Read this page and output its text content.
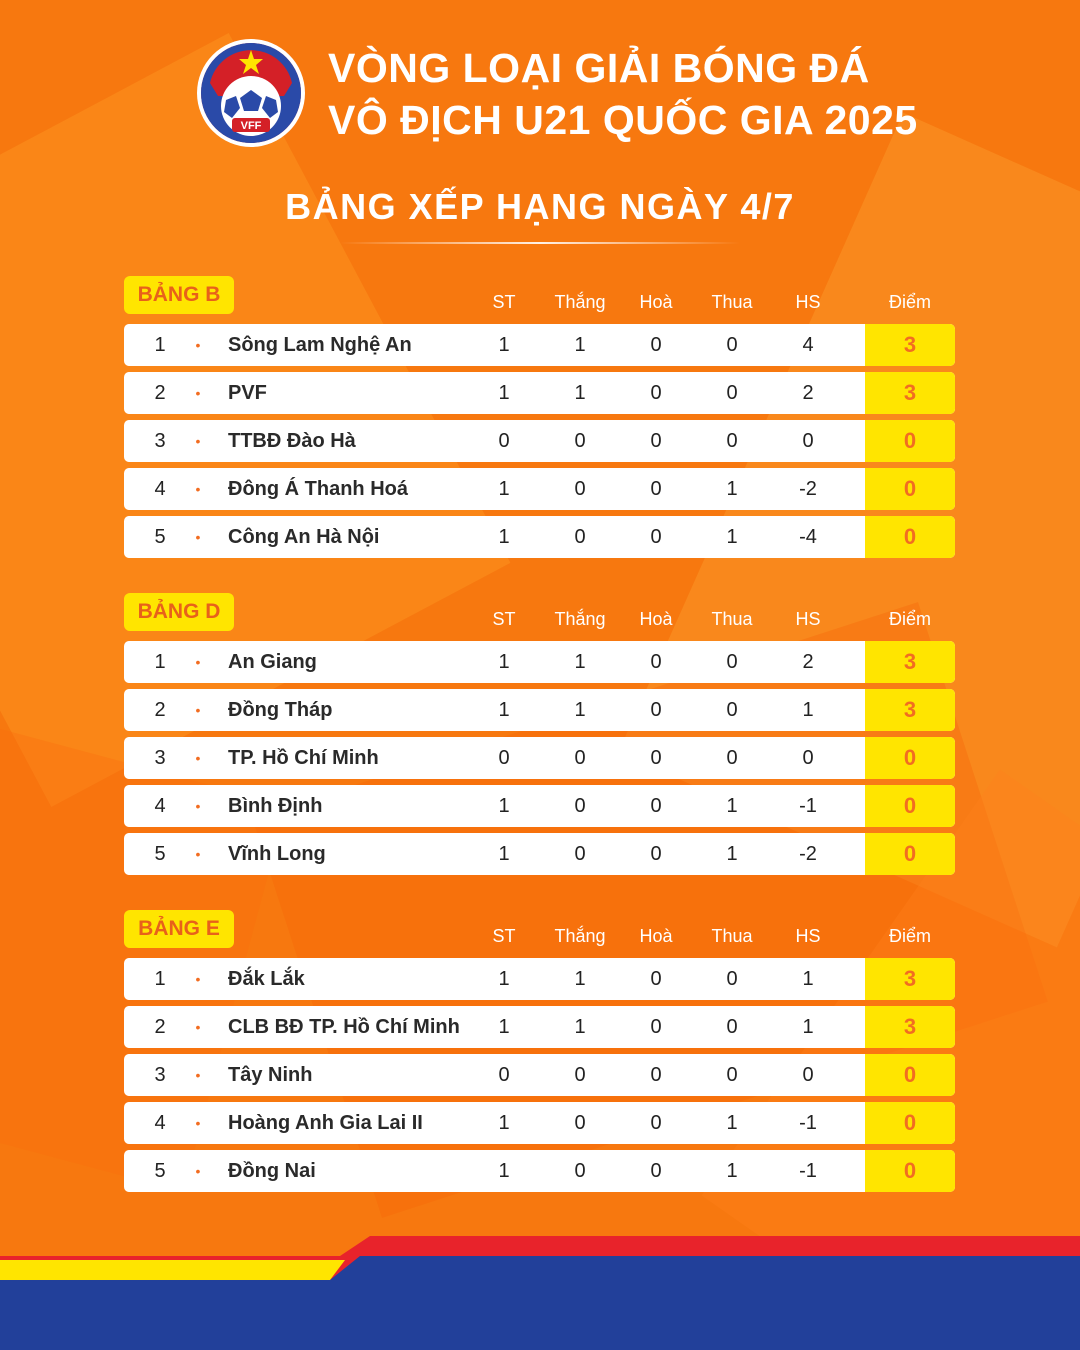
VFF
VÒNG LOẠI GIẢI BÓNG ĐÁ
VÔ ĐỊCH U21 QUỐC GIA 2025
BẢNG XẾP HẠNG NGÀY 4/7
BẢNG B	ST	Thắng	Hoà	Thua	HS	Điểm
1	• Sông Lam Nghệ An	1	1	0	0	4	3
2	• PVF	1	1	0	0	2	3
3	• TTBĐ Đào Hà	0	0	0	0	0	0
4	• Đông Á Thanh Hoá	1	0	0	1	-2	0
5	• Công An Hà Nội	1	0	0	1	-4	0
BẢNG D	ST	Thắng	Hoà	Thua	HS	Điểm
1	• An Giang	1	1	0	0	2	3
2	• Đồng Tháp	1	1	0	0	1	3
3	• TP. Hồ Chí Minh	0	0	0	0	0	0
4	• Bình Định	1	0	0	1	-1	0
5	• Vĩnh Long	1	0	0	1	-2	0
BẢNG E	ST	Thắng	Hoà	Thua	HS	Điểm
1	• Đắk Lắk	1	1	0	0	1	3
2	• CLB BĐ TP. Hồ Chí Minh	1	1	0	0	1	3
3	• Tây Ninh	0	0	0	0	0	0
4	• Hoàng Anh Gia Lai II	1	0	0	1	-1	0
5	• Đồng Nai	1	0	0	1	-1	0
